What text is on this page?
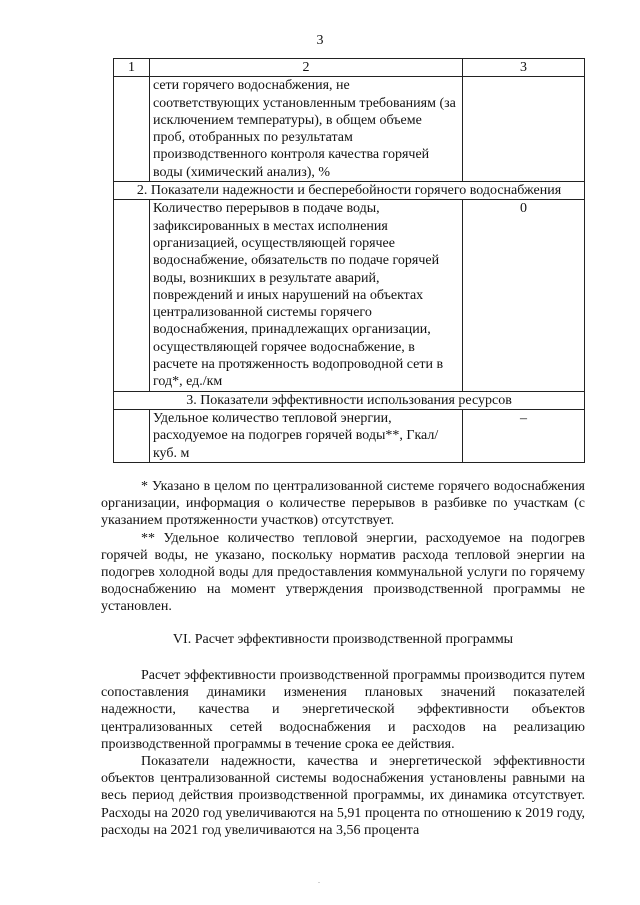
3
1	2	3
	сети горячего водоснабжения, не соответствующих установленным требованиям (за исключением температуры), в общем объеме проб, отобранных по результатам производственного контроля качества горячей воды (химический анализ), %	
2. Показатели надежности и бесперебойности горячего водоснабжения		
	Количество перерывов в подаче воды, зафиксированных в местах исполнения организацией, осуществляющей горячее водоснабжение, обязательств по подаче горячей воды, возникших в результате аварий, повреждений и иных нарушений на объектах централизованной системы горячего водоснабжения, принадлежащих организации, осуществляющей горячее водоснабжение, в расчете на протяженность водопроводной сети в год*, ед./км	0
3. Показатели эффективности использования ресурсов		
	Удельное количество тепловой энергии, расходуемое на подогрев горячей воды**, Гкал/куб. м	–

* Указано в целом по централизованной системе горячего водоснабжения организации, информация о количестве перерывов в разбивке по участкам (с указанием протяженности участков) отсутствует.

** Удельное количество тепловой энергии, расходуемое на подогрев горячей воды, не указано, поскольку норматив расхода тепловой энергии на подогрев холодной воды для предоставления коммунальной услуги по горячему водоснабжению на момент утверждения производственной программы не установлен.

VI. Расчет эффективности производственной программы

Расчет эффективности производственной программы производится путем сопоставления динамики изменения плановых значений показателей надежности, качества и энергетической эффективности объектов централизованных сетей водоснабжения и расходов на реализацию производственной программы в течение срока ее действия.

Показатели надежности, качества и энергетической эффективности объектов централизованной системы водоснабжения установлены равными на весь период действия производственной программы, их динамика отсутствует. Расходы на 2020 год увеличиваются на 5,91 процента по отношению к 2019 году, расходы на 2021 год увеличиваются на 3,56 процента

.
